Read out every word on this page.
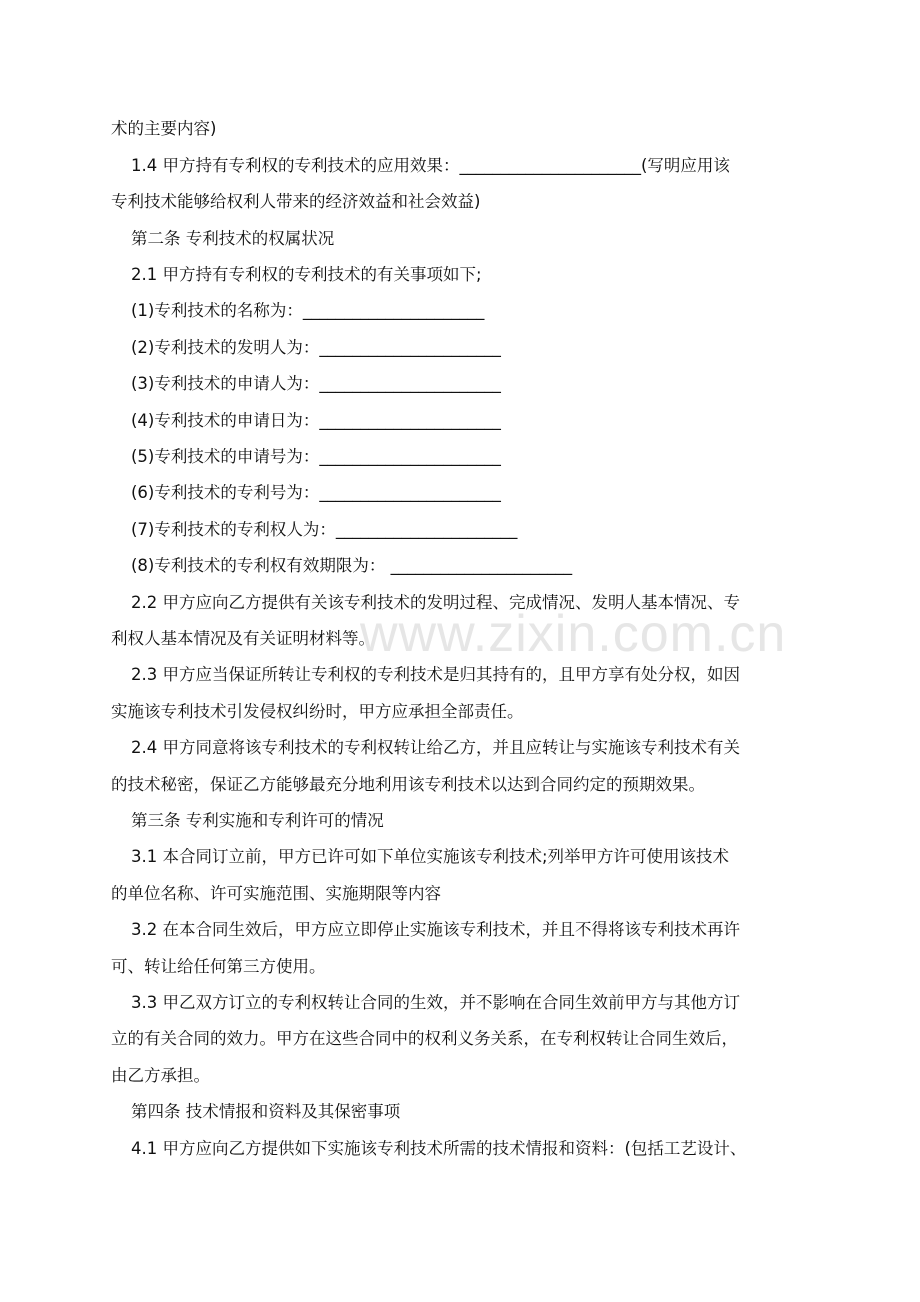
www.zixin.com.cn
术的主要内容)
1.4 甲方持有专利权的专利技术的应用效果：______________________(写明应用该
专利技术能够给权利人带来的经济效益和社会效益)
第二条 专利技术的权属状况
2.1 甲方持有专利权的专利技术的有关事项如下;
(1)专利技术的名称为：______________________
(2)专利技术的发明人为：______________________
(3)专利技术的申请人为：______________________
(4)专利技术的申请日为：______________________
(5)专利技术的申请号为：______________________
(6)专利技术的专利号为：______________________
(7)专利技术的专利权人为：______________________
(8)专利技术的专利权有效期限为： ______________________
2.2 甲方应向乙方提供有关该专利技术的发明过程、完成情况、发明人基本情况、专
利权人基本情况及有关证明材料等。
2.3 甲方应当保证所转让专利权的专利技术是归其持有的，且甲方享有处分权，如因
实施该专利技术引发侵权纠纷时，甲方应承担全部责任。
2.4 甲方同意将该专利技术的专利权转让给乙方，并且应转让与实施该专利技术有关
的技术秘密，保证乙方能够最充分地利用该专利技术以达到合同约定的预期效果。
第三条 专利实施和专利许可的情况
3.1 本合同订立前，甲方已许可如下单位实施该专利技术;列举甲方许可使用该技术
的单位名称、许可实施范围、实施期限等内容
3.2 在本合同生效后，甲方应立即停止实施该专利技术，并且不得将该专利技术再许
可、转让给任何第三方使用。
3.3 甲乙双方订立的专利权转让合同的生效，并不影响在合同生效前甲方与其他方订
立的有关合同的效力。甲方在这些合同中的权利义务关系，在专利权转让合同生效后，
由乙方承担。
第四条 技术情报和资料及其保密事项
4.1 甲方应向乙方提供如下实施该专利技术所需的技术情报和资料：(包括工艺设计、
